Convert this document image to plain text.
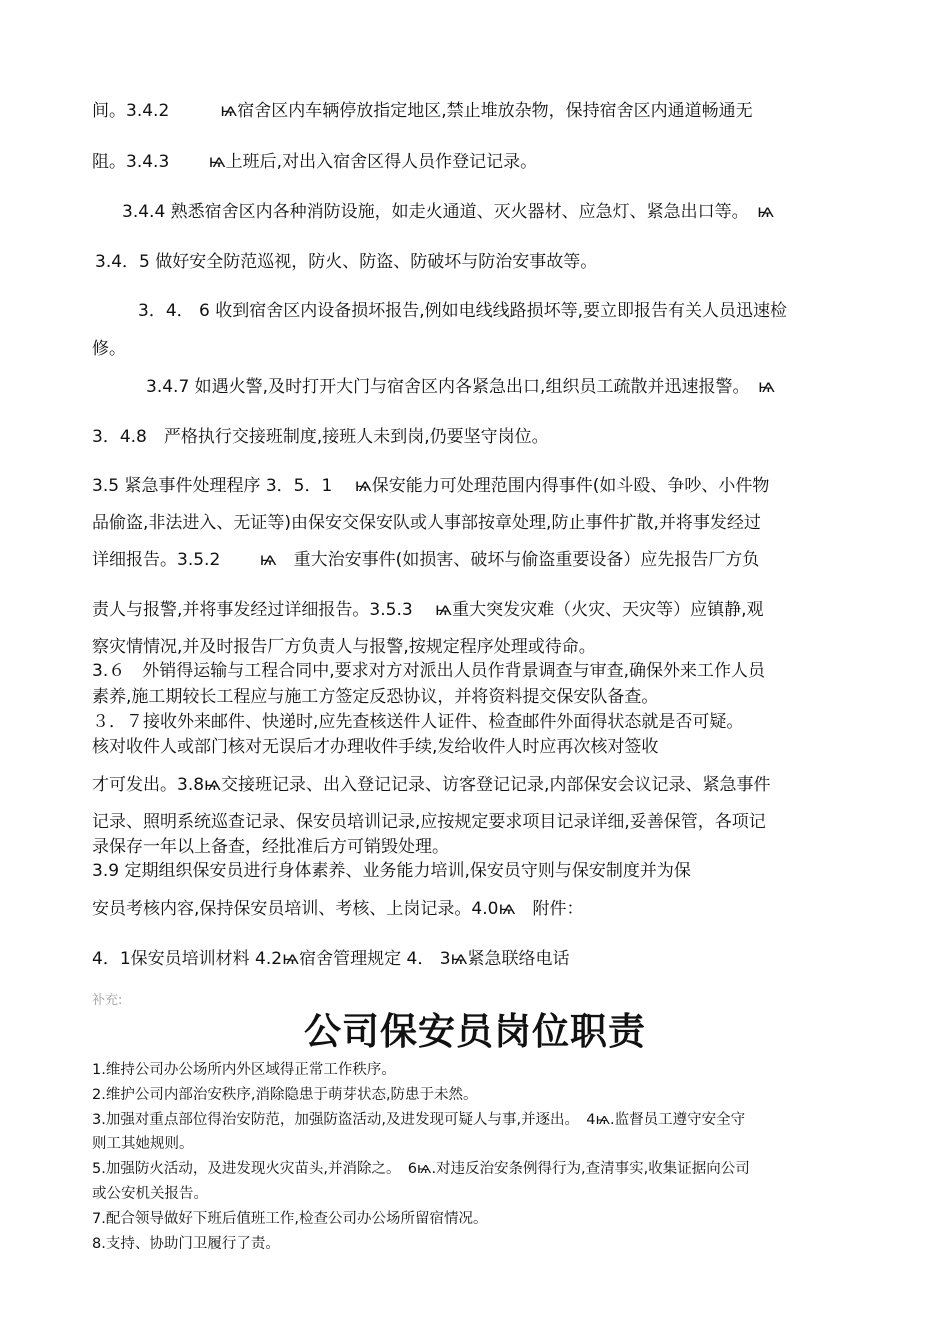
间。3.4.2　　　ѩ宿舍区内车辆停放指定地区,禁止堆放杂物，保持宿舍区内通道畅通无
阻。3.4.3　　 ѩ上班后,对出入宿舍区得人员作登记记录。
3.4.4 熟悉宿舍区内各种消防设施，如走火通道、灭火器材、应急灯、紧急出口等。　ѩ
3.4．5 做好安全防范巡视，防火、防盗、防破坏与防治安事故等。
3．4． 6 收到宿舍区内设备损坏报告,例如电线线路损坏等,要立即报告有关人员迅速检
修。
3.4.7 如遇火警,及时打开大门与宿舍区内各紧急出口,组织员工疏散并迅速报警。　ѩ
3．4.8　严格执行交接班制度,接班人未到岗,仍要坚守岗位。
3.5 紧急事件处理程序 3．5．1　 ѩ保安能力可处理范围内得事件(如斗殴、争吵、小件物
品偷盗,非法进入、无证等)由保安交保安队或人事部按章处理,防止事件扩散,并将事发经过
详细报告。3.5.2　　 ѩ　重大治安事件(如损害、破坏与偷盗重要设备）应先报告厂方负
责人与报警,并将事发经过详细报告。3.5.3　 ѩ重大突发灾难（火灾、天灾等）应镇静,观
察灾情情况,并及时报告厂方负责人与报警,按规定程序处理或待命。
3.６　外销得运输与工程合同中,要求对方对派出人员作背景调查与审查,确保外来工作人员
素养,施工期较长工程应与施工方签定反恐协议，并将资料提交保安队备查。
３．７接收外来邮件、快递时,应先查核送件人证件、检查邮件外面得状态就是否可疑。
核对收件人或部门核对无误后才办理收件手续,发给收件人时应再次核对签收
才可发出。3.8ѩ交接班记录、出入登记记录、访客登记记录,内部保安会议记录、紧急事件
记录、照明系统巡查记录、保安员培训记录,应按规定要求项目记录详细,妥善保管，各项记
录保存一年以上备查，经批准后方可销毁处理。
3.9 定期组织保安员进行身体素养、业务能力培训,保安员守则与保安制度并为保
安员考核内容,保持保安员培训、考核、上岗记录。4.0ѩ　附件：
4．1保安员培训材料 4.2ѩ宿舍管理规定 4． 3ѩ紧急联络电话
补充:
公司保安员岗位职责
1.维持公司办公场所内外区域得正常工作秩序。
2.维护公司内部治安秩序,消除隐患于萌芽状态,防患于未然。
3.加强对重点部位得治安防范，加强防盗活动,及进发现可疑人与事,并逐出。　4ѩ.监督员工遵守安全守
则工其她规则。
5.加强防火活动，及进发现火灾苗头,并消除之。　6ѩ.对违反治安条例得行为,查清事实,收集证据向公司
或公安机关报告。
7.配合领导做好下班后值班工作,检查公司办公场所留宿情况。
8.支持、协助门卫履行了责。
